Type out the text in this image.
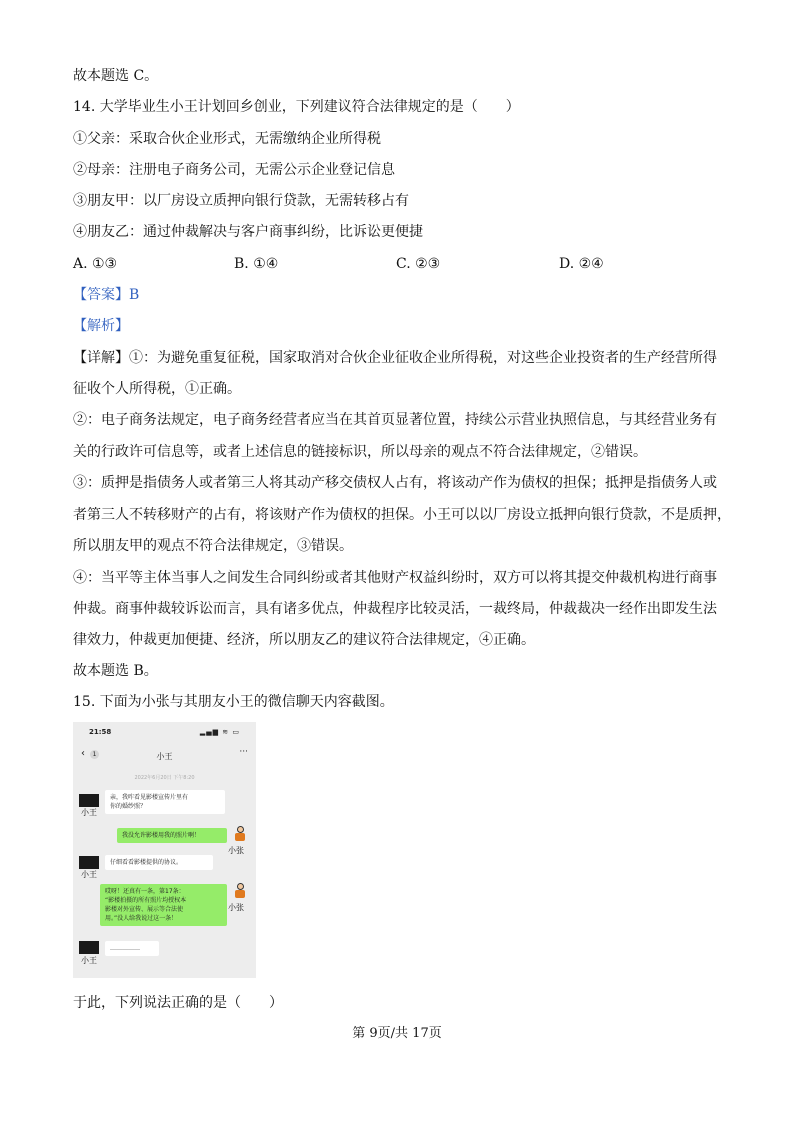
故本题选 C。
14. 大学毕业生小王计划回乡创业，下列建议符合法律规定的是（　　）
①父亲：采取合伙企业形式，无需缴纳企业所得税
②母亲：注册电子商务公司，无需公示企业登记信息
③朋友甲：以厂房设立质押向银行贷款，无需转移占有
④朋友乙：通过仲裁解决与客户商事纠纷，比诉讼更便捷
A. ①③	B. ①④	C. ②③	D. ②④
【答案】B
【解析】
【详解】①：为避免重复征税，国家取消对合伙企业征收企业所得税，对这些企业投资者的生产经营所得
征收个人所得税，①正确。
②：电子商务法规定，电子商务经营者应当在其首页显著位置，持续公示营业执照信息，与其经营业务有
关的行政许可信息等，或者上述信息的链接标识，所以母亲的观点不符合法律规定，②错误。
③：质押是指债务人或者第三人将其动产移交债权人占有，将该动产作为债权的担保；抵押是指债务人或
者第三人不转移财产的占有，将该财产作为债权的担保。小王可以以厂房设立抵押向银行贷款，不是质押，
所以朋友甲的观点不符合法律规定，③错误。
④：当平等主体当事人之间发生合同纠纷或者其他财产权益纠纷时，双方可以将其提交仲裁机构进行商事
仲裁。商事仲裁较诉讼而言，具有诸多优点，仲裁程序比较灵活，一裁终局，仲裁裁决一经作出即发生法
律效力，仲裁更加便捷、经济，所以朋友乙的建议符合法律规定，④正确。
故本题选 B。
15. 下面为小张与其朋友小王的微信聊天内容截图。
21:58	▂▄▆ ≋ ▭
‹	1	小王	···
2022年6月20日 下午8:20
小王
亲，我咋看见影楼宣传片里有
你的婚纱照？
我没允许影楼用我的照片啊！
小张
小王
仔细看看影楼提供的协议。
哎呀！还真有一条，第17条：
“影楼拍摄的所有照片均授权本
影楼对外宣传、展示等合法使
用。”没人给我说过这一条！
小张
小王
……………
于此，下列说法正确的是（　　）
第 9页/共 17页
